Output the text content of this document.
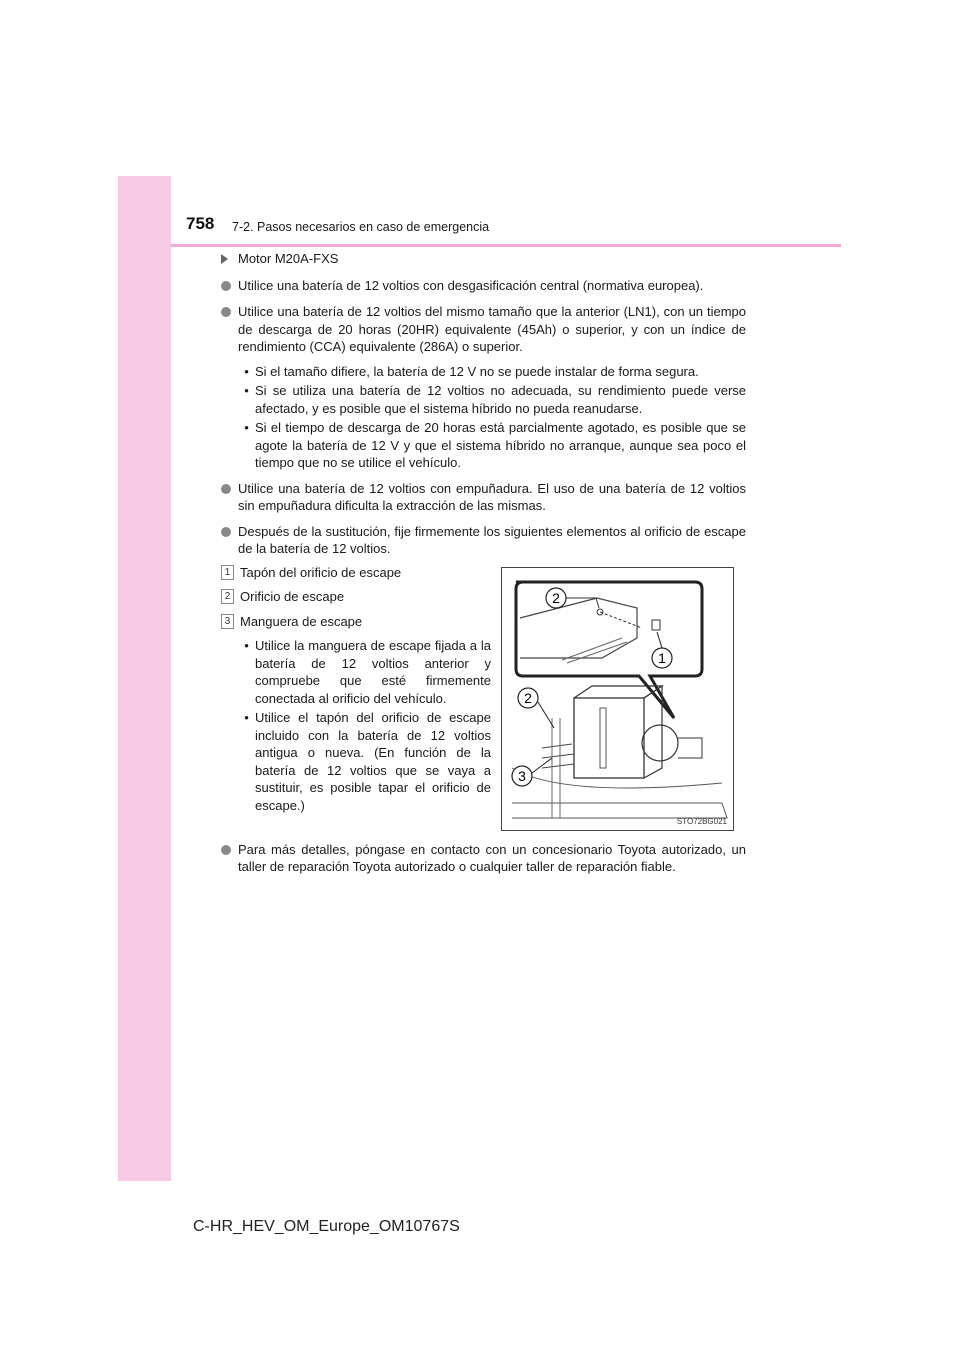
758 7-2. Pasos necesarios en caso de emergencia
Motor M20A-FXS
Utilice una batería de 12 voltios con desgasificación central (normativa europea).
Utilice una batería de 12 voltios del mismo tamaño que la anterior (LN1), con un tiempo de descarga de 20 horas (20HR) equivalente (45Ah) o superior, y con un índice de rendimiento (CCA) equivalente (286A) o superior.
• Si el tamaño difiere, la batería de 12 V no se puede instalar de forma segura.
• Si se utiliza una batería de 12 voltios no adecuada, su rendimiento puede verse afectado, y es posible que el sistema híbrido no pueda reanudarse.
• Si el tiempo de descarga de 20 horas está parcialmente agotado, es posible que se agote la batería de 12 V y que el sistema híbrido no arranque, aunque sea poco el tiempo que no se utilice el vehículo.
Utilice una batería de 12 voltios con empuñadura. El uso de una batería de 12 voltios sin empuñadura dificulta la extracción de las mismas.
Después de la sustitución, fije firmemente los siguientes elementos al orificio de escape de la batería de 12 voltios.
1 Tapón del orificio de escape
2 Orificio de escape
3 Manguera de escape
• Utilice la manguera de escape fijada a la batería de 12 voltios anterior y compruebe que esté firmemente conectada al orificio del vehículo.
• Utilice el tapón del orificio de escape incluido con la batería de 12 voltios antigua o nueva. (En función de la batería de 12 voltios que se vaya a sustituir, es posible tapar el orificio de escape.)
2
1
2
3
STO72BG021
Para más detalles, póngase en contacto con un concesionario Toyota autorizado, un taller de reparación Toyota autorizado o cualquier taller de reparación fiable.
C-HR_HEV_OM_Europe_OM10767S
